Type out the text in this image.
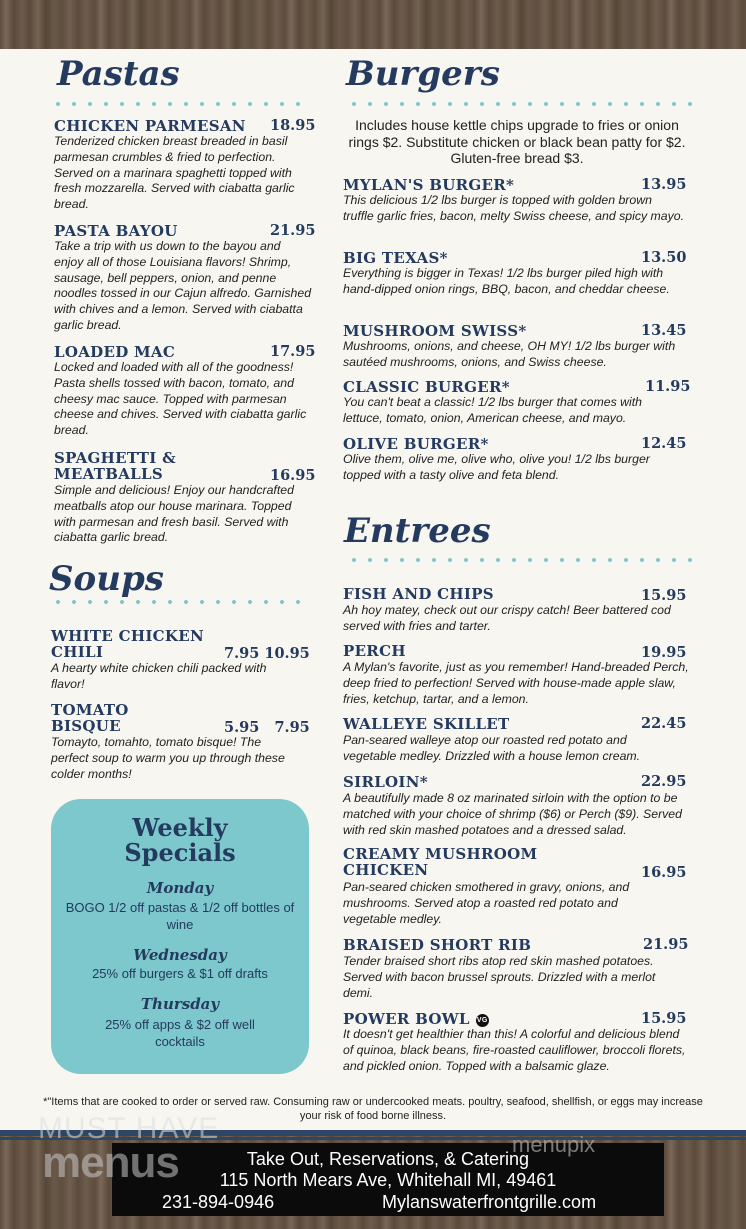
Pastas
CHICKEN PARMESAN 18.95
Tenderized chicken breast breaded in basil parmesan crumbles & fried to perfection. Served on a marinara spaghetti topped with fresh mozzarella. Served with ciabatta garlic bread.
PASTA BAYOU	21.95
Take a trip with us down to the bayou and enjoy all of those Louisiana flavors! Shrimp, sausage, bell peppers, onion, and penne noodles tossed in our Cajun alfredo. Garnished with chives and a lemon. Served with ciabatta garlic bread.
LOADED MAC	17.95
Locked and loaded with all of the goodness! Pasta shells tossed with bacon, tomato, and cheesy mac sauce. Topped with parmesan cheese and chives. Served with ciabatta garlic bread.
SPAGHETTI & MEATBALLS	16.95
Simple and delicious! Enjoy our handcrafted meatballs atop our house marinara. Topped with parmesan and fresh basil. Served with ciabatta garlic bread.
Soups
WHITE CHICKEN CHILI	7.95 10.95
A hearty white chicken chili packed with flavor!
TOMATO BISQUE	5.95   7.95
Tomayto, tomahto, tomato bisque! The perfect soup to warm you up through these colder months!
Weekly Specials
Monday
BOGO 1/2 off pastas & 1/2 off bottles of wine
Wednesday
25% off burgers & $1 off drafts
Thursday
25% off apps & $2 off well cocktails
Burgers
Includes house kettle chips upgrade to fries or onion rings $2. Substitute chicken or black bean patty for $2. Gluten-free bread $3.
MYLAN'S BURGER*	13.95
This delicious 1/2 lbs burger is topped with golden brown truffle garlic fries, bacon, melty Swiss cheese, and spicy mayo.
BIG TEXAS*	13.50
Everything is bigger in Texas! 1/2 lbs burger piled high with hand-dipped onion rings, BBQ, bacon, and cheddar cheese.
MUSHROOM SWISS*	13.45
Mushrooms, onions, and cheese, OH MY! 1/2 lbs burger with sautéed mushrooms, onions, and Swiss cheese.
CLASSIC BURGER*	11.95
You can't beat a classic! 1/2 lbs burger that comes with lettuce, tomato, onion, American cheese, and mayo.
OLIVE BURGER*	12.45
Olive them, olive me, olive who, olive you! 1/2 lbs burger topped with a tasty olive and feta blend.
Entrees
FISH AND CHIPS	15.95
Ah hoy matey, check out our crispy catch! Beer battered cod served with fries and tarter.
PERCH	19.95
A Mylan's favorite, just as you remember! Hand-breaded Perch, deep fried to perfection! Served with house-made apple slaw, fries, ketchup, tartar, and a lemon.
WALLEYE SKILLET	22.45
Pan-seared walleye atop our roasted red potato and vegetable medley. Drizzled with a house lemon cream.
SIRLOIN*	22.95
A beautifully made 8 oz marinated sirloin with the option to be matched with your choice of shrimp ($6) or Perch ($9). Served with red skin mashed potatoes and a dressed salad.
CREAMY MUSHROOM CHICKEN	16.95
Pan-seared chicken smothered in gravy, onions, and mushrooms. Served atop a roasted red potato and vegetable medley.
BRAISED SHORT RIB	21.95
Tender braised short ribs atop red skin mashed potatoes. Served with bacon brussel sprouts. Drizzled with a merlot demi.
POWER BOWL VG	15.95
It doesn't get healthier than this! A colorful and delicious blend of quinoa, black beans, fire-roasted cauliflower, broccoli florets, and pickled onion. Topped with a balsamic glaze.
*"Items that are cooked to order or served raw. Consuming raw or undercooked meats. poultry, seafood, shellfish, or eggs may increase your risk of food borne illness.
Take Out, Reservations, & Catering
115 North Mears Ave, Whitehall MI, 49461
231-894-0946	Mylanswaterfrontgrille.com
MUST HAVE
menus	menupix
